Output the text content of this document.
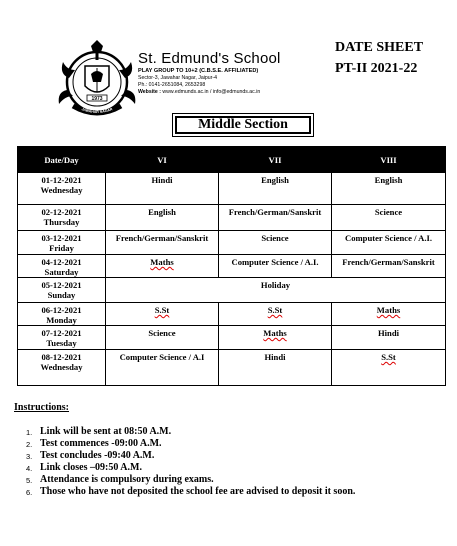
1973
JAWAHAR NAGAR
St. Edmund's School
PLAY GROUP TO 10+2 (C.B.S.E. AFFILIATED)
Sector-3, Jawahar Nagar, Jaipur-4
Ph.: 0141-2651084, 2653298
Website : www.edmunds.ac.in / info@edmunds.ac.in
DATE SHEET
PT-II 2021-22
Middle Section
Date/Day	VI	VII	VIII

01-12-2021
Wednesday	Hindi	English	English

02-12-2021
Thursday	English	French/German/Sanskrit	Science

03-12-2021
Friday	French/German/Sanskrit	Science	Computer Science / A.I.

04-12-2021
Saturday	Maths	Computer Science / A.I.	French/German/Sanskrit

05-12-2021
Sunday	Holiday		

06-12-2021
Monday	S.St	S.St	Maths

07-12-2021
Tuesday	Science	Maths	Hindi

08-12-2021
Wednesday	Computer Science / A.I	Hindi	S.St
Instructions:
1. Link will be sent at 08:50 A.M.
2. Test commences -09:00 A.M.
3. Test concludes -09:40 A.M.
4. Link closes –09:50 A.M.
5. Attendance is compulsory during exams.
6. Those who have not deposited the school fee are advised to deposit it soon.
